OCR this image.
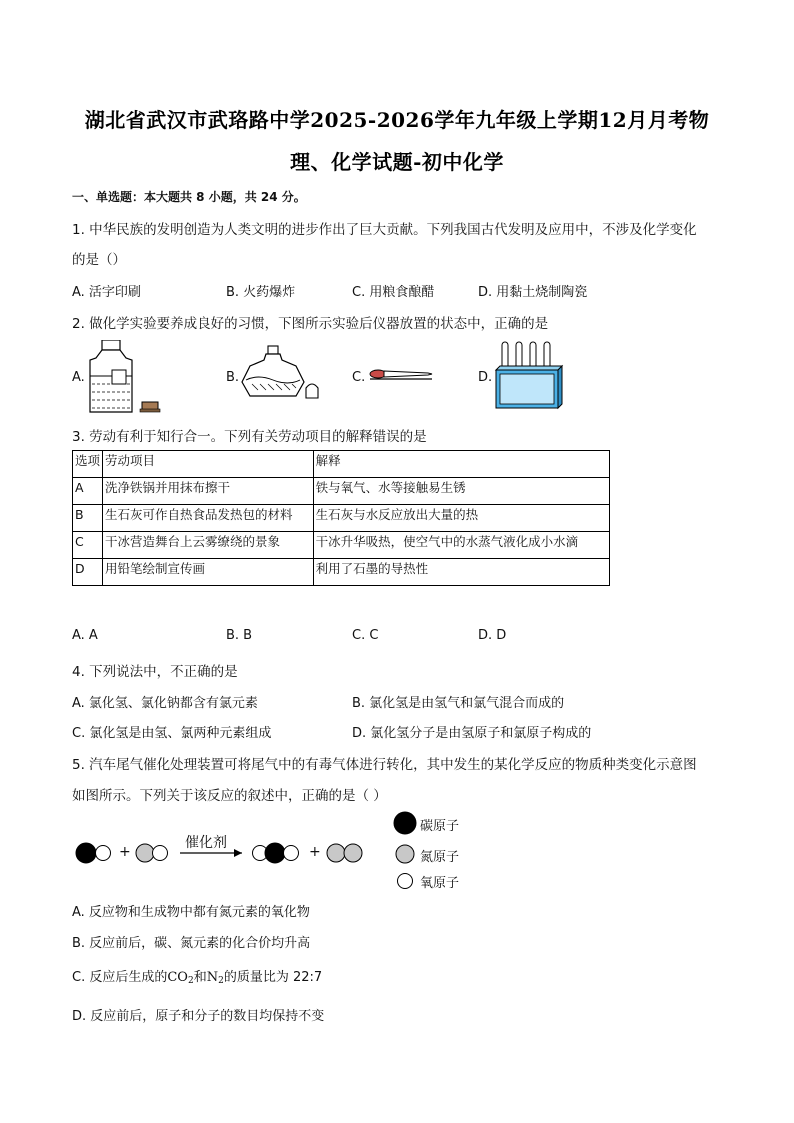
湖北省武汉市武珞路中学2025-2026学年九年级上学期12月月考物
理、化学试题-初中化学
一、单选题：本大题共 8 小题，共 24 分。
1. 中华民族的发明创造为人类文明的进步作出了巨大贡献。下列我国古代发明及应用中，不涉及化学变化
的是（）
A. 活字印刷	B. 火药爆炸	C. 用粮食酿醋	D. 用黏土烧制陶瓷
2. 做化学实验要养成良好的习惯，下图所示实验后仪器放置的状态中，正确的是
A.	B.	C.	D.
3. 劳动有利于知行合一。下列有关劳动项目的解释错误的是
选项	劳动项目	解释
A	洗净铁锅并用抹布擦干	铁与氧气、水等接触易生锈
B	生石灰可作自热食品发热包的材料	生石灰与水反应放出大量的热
C	干冰营造舞台上云雾缭绕的景象	干冰升华吸热，使空气中的水蒸气液化成小水滴
D	用铅笔绘制宣传画	利用了石墨的导热性
A. A	B. B	C. C	D. D
4. 下列说法中，不正确的是
A. 氯化氢、氯化钠都含有氯元素	B. 氯化氢是由氢气和氯气混合而成的
C. 氯化氢是由氢、氯两种元素组成	D. 氯化氢分子是由氢原子和氯原子构成的
5. 汽车尾气催化处理装置可将尾气中的有毒气体进行转化，其中发生的某化学反应的物质种类变化示意图
如图所示。下列关于该反应的叙述中，正确的是（ ）
+
催化剂
+
碳原子
氮原子
氧原子
A. 反应物和生成物中都有氮元素的氧化物
B. 反应前后，碳、氮元素的化合价均升高
C. 反应后生成的$CO_2$和$N_2$的质量比为 22:7
D. 反应前后，原子和分子的数目均保持不变
